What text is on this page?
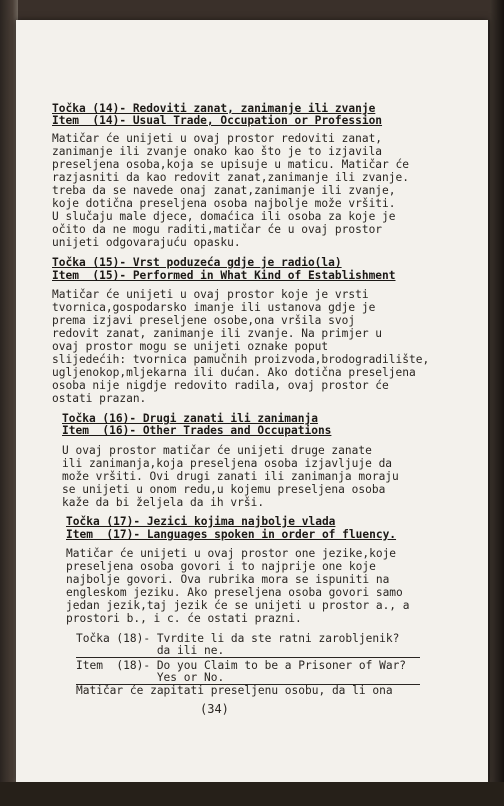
Točka (14)- Redoviti zanat, zanimanje ili zvanje
Item  (14)- Usual Trade, Occupation or Profession
Matičar će unijeti u ovaj prostor redoviti zanat,
zanimanje ili zvanje onako kao što je to izjavila
preseljena osoba,koja se upisuje u maticu. Matičar će
razjasniti da kao redovit zanat,zanimanje ili zvanje.
treba da se navede onaj zanat,zanimanje ili zvanje,
koje dotična preseljena osoba najbolje može vršiti.
U slučaju male djece, domaćica ili osoba za koje je
očito da ne mogu raditi,matičar će u ovaj prostor
unijeti odgovarajuću opasku.
Točka (15)- Vrst poduzeća gdje je radio(la)
Item  (15)- Performed in What Kind of Establishment
Matičar će unijeti u ovaj prostor koje je vrsti
tvornica,gospodarsko imanje ili ustanova gdje je
prema izjavi preseljene osobe,ona vršila svoj
redovit zanat, zanimanje ili zvanje. Na primjer u
ovaj prostor mogu se unijeti oznake poput
slijedećih: tvornica pamučnih proizvoda,brodogradilište,
ugljenokop,mljekarna ili dućan. Ako dotična preseljena
osoba nije nigdje redovito radila, ovaj prostor će
ostati prazan.
Točka (16)- Drugi zanati ili zanimanja
Item  (16)- Other Trades and Occupations
U ovaj prostor matičar će unijeti druge zanate
ili zanimanja,koja preseljena osoba izjavljuje da
može vršiti. Ovi drugi zanati ili zanimanja moraju
se unijeti u onom redu,u kojemu preseljena osoba
kaže da bi željela da ih vrši.
Točka (17)- Jezici kojima najbolje vlada
Item  (17)- Languages spoken in order of fluency.
Matičar će unijeti u ovaj prostor one jezike,koje
preseljena osoba govori i to najprije one koje
najbolje govori. Ova rubrika mora se ispuniti na
engleskom jeziku. Ako preseljena osoba govori samo
jedan jezik,taj jezik će se unijeti u prostor a., a
prostori b., i c. će ostati prazni.
Točka (18)- Tvrdite li da ste ratni zarobljenik?
da ili ne.
Item  (18)- Do you Claim to be a Prisoner of War?
Yes or No.
Matičar će zapitati preseljenu osobu, da li ona
(34)
